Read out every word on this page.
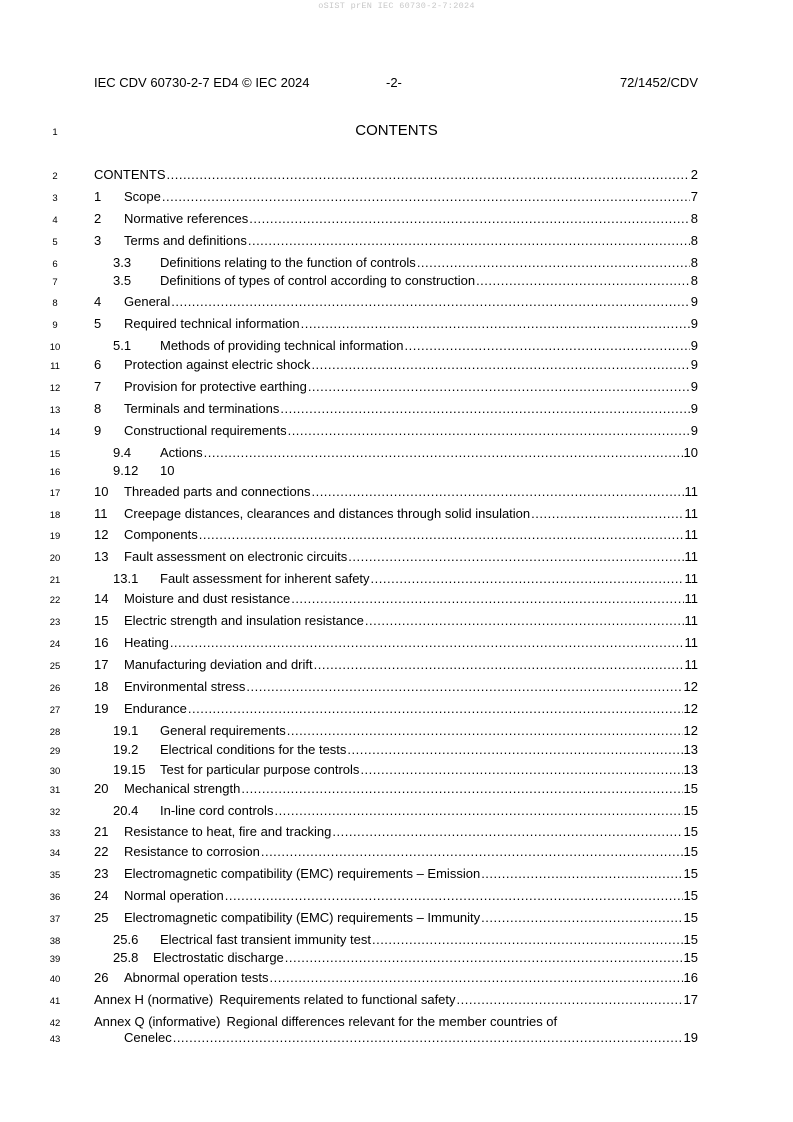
oSIST prEN IEC 60730-2-7:2024
IEC CDV 60730-2-7 ED4 © IEC 2024	-2-	72/1452/CDV
1	CONTENTS
2	CONTENTS .....	2
3	1	Scope .....	7
4	2	Normative references .....	8
5	3	Terms and definitions .....	8
6	3.3	Definitions relating to the function of controls .....	8
7	3.5	Definitions of types of control according to construction .....	8
8	4	General .....	9
9	5	Required technical information .....	9
10	5.1	Methods of providing technical information .....	9
11	6	Protection against electric shock .....	9
12	7	Provision for protective earthing .....	9
13	8	Terminals and terminations .....	9
14	9	Constructional requirements .....	9
15	9.4	Actions .....	10
16	9.12	10
17	10	Threaded parts and connections .....	11
18	11	Creepage distances, clearances and distances through solid insulation .....	11
19	12	Components .....	11
20	13	Fault assessment on electronic circuits .....	11
21	13.1	Fault assessment for inherent safety .....	11
22	14	Moisture and dust resistance .....	11
23	15	Electric strength and insulation resistance .....	11
24	16	Heating .....	11
25	17	Manufacturing deviation and drift .....	11
26	18	Environmental stress .....	12
27	19	Endurance .....	12
28	19.1	General requirements .....	12
29	19.2	Electrical conditions for the tests .....	13
30	19.15	Test for particular purpose controls .....	13
31	20	Mechanical strength .....	15
32	20.4	In-line cord controls .....	15
33	21	Resistance to heat, fire and tracking .....	15
34	22	Resistance to corrosion .....	15
35	23	Electromagnetic compatibility (EMC) requirements – Emission .....	15
36	24	Normal operation .....	15
37	25	Electromagnetic compatibility (EMC) requirements – Immunity .....	15
38	25.6	Electrical fast transient immunity test .....	15
39	25.8	Electrostatic discharge .....	15
40	26	Abnormal operation tests .....	16
41	Annex H (normative) Requirements related to functional safety .....	17
42	Annex Q (informative) Regional differences relevant for the member countries of
43	Cenelec .....	19
